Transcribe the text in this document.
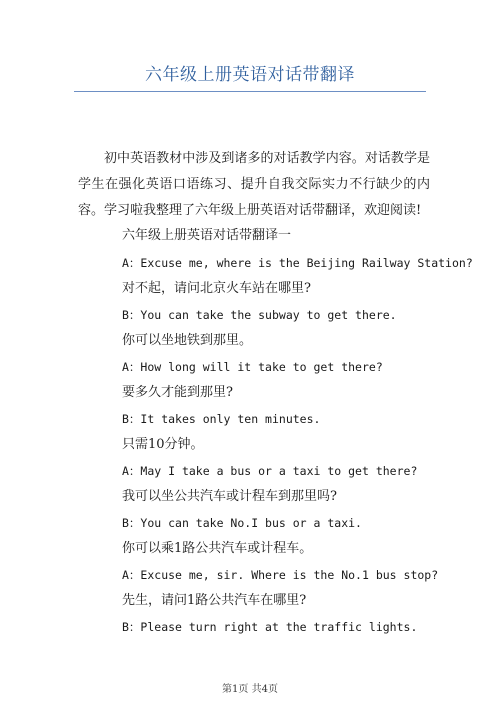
六年级上册英语对话带翻译

初中英语教材中涉及到诸多的对话教学内容。对话教学是学生在强化英语口语练习、提升自我交际实力不行缺少的内容。学习啦我整理了六年级上册英语对话带翻译，欢迎阅读!

六年级上册英语对话带翻译一
A：Excuse me, where is the Beijing Railway Station?
对不起，请问北京火车站在哪里?
B：You can take the subway to get there.
你可以坐地铁到那里。
A：How long will it take to get there?
要多久才能到那里?
B：It takes only ten minutes.
只需10分钟。
A：May I take a bus or a taxi to get there?
我可以坐公共汽车或计程车到那里吗?
B：You can take No.I bus or a taxi.
你可以乘1路公共汽车或计程车。
A：Excuse me, sir. Where is the No.1 bus stop?
先生，请问1路公共汽车在哪里?
B：Please turn right at the traffic lights.
第1页 共4页
